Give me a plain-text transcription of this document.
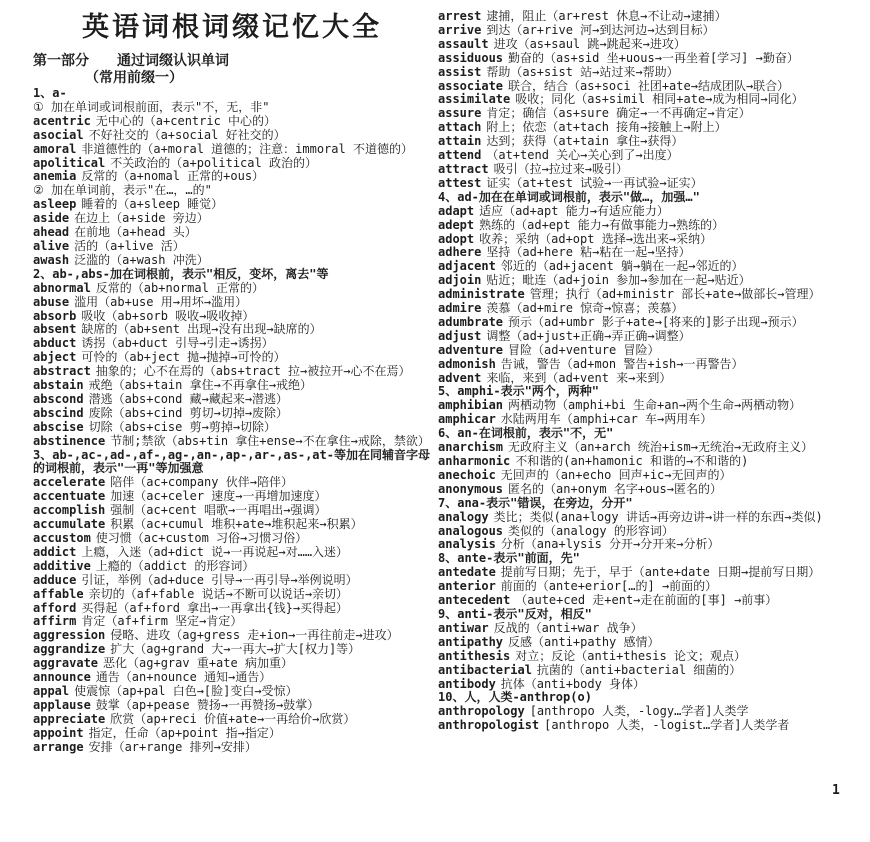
英语词根词缀记忆大全
第一部分　　通过词缀认识单词
（常用前缀一）
1、a-
① 加在单词或词根前面，表示"不，无，非"
acentric 无中心的（a+centric 中心的）
asocial 不好社交的（a+social 好社交的）
amoral 非道德性的（a+moral 道德的；注意：immoral 不道德的）
apolitical 不关政治的（a+political 政治的）
anemia 反常的（a+nomal 正常的+ous）
② 加在单词前，表示"在…，…的"
asleep 睡着的（a+sleep 睡觉）
aside 在边上（a+side 旁边）
ahead 在前地（a+head 头）
alive 活的（a+live 活）
awash 泛滥的（a+wash 冲洗）
2、ab-,abs-加在词根前，表示"相反，变坏，离去"等
abnormal 反常的（ab+normal 正常的）
abuse 滥用（ab+use 用→用坏→滥用）
absorb 吸收（ab+sorb 吸收→吸收掉）
absent 缺席的（ab+sent 出现→没有出现→缺席的）
abduct 诱拐（ab+duct 引导→引走→诱拐）
abject 可怜的（ab+ject 抛→抛掉→可怜的）
abstract 抽象的；心不在焉的（abs+tract 拉→被拉开→心不在焉）
abstain 戒绝（abs+tain 拿住→不再拿住→戒绝）
abscond 潜逃（abs+cond 藏→藏起来→潜逃）
abscind 废除（abs+cind 剪切→切掉→废除）
abscise 切除（abs+cise 剪→剪掉→切除）
abstinence 节制;禁欲（abs+tin 拿住+ense→不在拿住→戒除，禁欲）
3、ab-,ac-,ad-,af-,ag-,an-,ap-,ar-,as-,at-等加在同辅音字母的词根前，表示"一再"等加强意
accelerate 陪伴（ac+company 伙伴→陪伴）
accentuate 加速（ac+celer 速度→一再增加速度）
accomplish 强制（ac+cent 唱歌→一再唱出→强调）
accumulate 积累（ac+cumul 堆积+ate→堆积起来→积累）
accustom 使习惯（ac+custom 习俗→习惯习俗）
addict 上瘾，入迷（ad+dict 说→一再说起→对……入迷）
additive 上瘾的（addict 的形容词）
adduce 引证，举例（ad+duce 引导→一再引导→举例说明）
affable 亲切的（af+fable 说话→不断可以说话→亲切）
afford 买得起（af+ford 拿出→一再拿出{钱}→买得起）
affirm 肯定（af+firm 坚定→肯定）
aggression 侵略、进攻（ag+gress 走+ion→一再往前走→进攻）
aggrandize 扩大（ag+grand 大→一再大→扩大[权力]等）
aggravate 恶化（ag+grav 重+ate 病加重）
announce 通告（an+nounce 通知→通告）
appal 使震惊（ap+pal 白色→[脸]变白→受惊）
applause 鼓掌（ap+pease 赞扬→一再赞扬→鼓掌）
appreciate 欣赏（ap+reci 价值+ate→一再给价→欣赏）
appoint 指定，任命（ap+point 指→指定）
arrange 安排（ar+range 排列→安排）
arrest 逮捕，阻止（ar+rest 休息→不让动→逮捕）
arrive 到达（ar+rive 河→到达河边→达到目标）
assault 进攻（as+saul 跳→跳起来→进攻）
assiduous 勤奋的（as+sid 坐+uous→一再坐着[学习] →勤奋）
assist 帮助（as+sist 站→站过来→帮助）
associate 联合，结合（as+soci 社团+ate→结成团队→联合）
assimilate 吸收；同化（as+simil 相同+ate→成为相同→同化）
assure 肯定；确信（as+sure 确定→一不再确定→肯定）
attach 附上；依恋（at+tach 接角→接触上→附上）
attain 达到；获得（at+tain 拿住→获得）
attend （at+tend 关心→关心到了→出度）
attract 吸引（拉→拉过来→吸引）
attest 证实（at+test 试验→一再试验→证实）
4、ad-加在在单词或词根前，表示"做…，加强…"
adapt 适应（ad+apt 能力→有适应能力）
adept 熟练的（ad+ept 能力→有做事能力→熟练的）
adopt 收养；采纳（ad+opt 选择→选出来→采纳）
adhere 坚持（ad+here 粘→粘在一起→坚持）
adjacent 邻近的（ad+jacent 躺→躺在一起→邻近的）
adjoin 贴近；毗连（ad+join 参加→参加在一起→贴近）
administrate 管理；执行（ad+ministr 部长+ate→做部长→管理）
admire 羡慕（ad+mire 惊奇→惊喜；羡慕）
adumbrate 预示（ad+umbr 影子+ate→[将来的]影子出现→预示）
adjust 调整（ad+just+正确→弄正确→调整）
adventure 冒险（ad+venture 冒险）
admonish 告诫，警告（ad+mon 警告+ish→一再警告）
advent 来临，来到（ad+vent 来→来到）
5、amphi-表示"两个，两种"
amphibian 两栖动物（amphi+bi 生命+an→两个生命→两栖动物）
amphicar 水陆两用车（amphi+car 车→两用车）
6、an-在词根前，表示"不，无"
anarchism 无政府主义（an+arch 统治+ism→无统治→无政府主义）
anharmonic 不和谐的(an+hamonic 和谐的→不和谐的)
anechoic 无回声的（an+echo 回声+ic→无回声的）
anonymous 匿名的（an+onym 名字+ous→匿名的）
7、ana-表示"错误，在旁边，分开"
analogy 类比；类似(ana+logy 讲话→再旁边讲→讲一样的东西→类似)
analogous 类似的（analogy 的形容词）
analysis 分析（ana+lysis 分开→分开来→分析）
8、ante-表示"前面，先"
antedate 提前写日期；先于，早于（ante+date 日期→提前写日期）
anterior 前面的（ante+erior[…的] →前面的）
antecedent （aute+ced 走+ent→走在前面的[事] →前事）
9、anti-表示"反对，相反"
antiwar 反战的（anti+war 战争）
antipathy 反感（anti+pathy 感情）
antithesis 对立；反论（anti+thesis 论文；观点）
antibacterial 抗菌的（anti+bacterial 细菌的）
antibody 抗体（anti+body 身体）
10、人，人类-anthrop(o)
anthropology [anthropo 人类，-logy…学者]人类学
anthropologist [anthropo 人类，-logist…学者]人类学者
1
